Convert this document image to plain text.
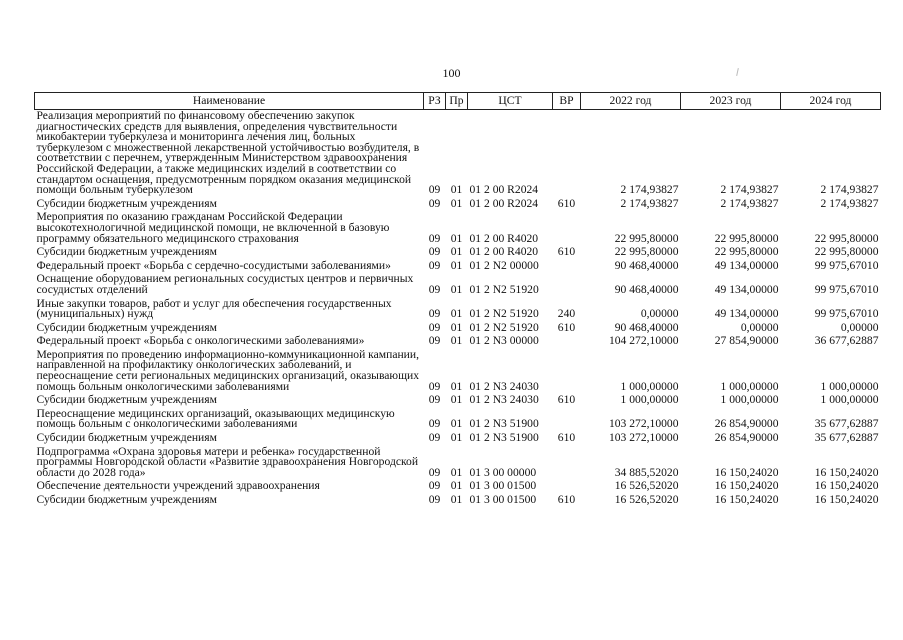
100
Наименование	РЗ	Пр	ЦСТ	ВР	2022 год	2023 год	2024 год
Реализация мероприятий по финансовому обеспечению закупок диагностических средств для выявления, определения чувствительности микобактерии туберкулеза и мониторинга лечения лиц, больных туберкулезом с множественной лекарственной устойчивостью возбудителя, в соответствии с перечнем, утвержденным Министерством здравоохранения Российской Федерации, а также медицинских изделий в соответствии со стандартом оснащения, предусмотренным порядком оказания медицинской помощи больным туберкулезом	09	01	01 2 00 R2024		2 174,93827	2 174,93827	2 174,93827
Субсидии бюджетным учреждениям	09	01	01 2 00 R2024	610	2 174,93827	2 174,93827	2 174,93827
Мероприятия по оказанию гражданам Российской Федерации высокотехнологичной медицинской помощи, не включенной в базовую программу обязательного медицинского страхования	09	01	01 2 00 R4020		22 995,80000	22 995,80000	22 995,80000
Субсидии бюджетным учреждениям	09	01	01 2 00 R4020	610	22 995,80000	22 995,80000	22 995,80000
Федеральный проект «Борьба с сердечно-сосудистыми заболеваниями»	09	01	01 2 N2 00000		90 468,40000	49 134,00000	99 975,67010
Оснащение оборудованием региональных сосудистых центров и первичных сосудистых отделений	09	01	01 2 N2 51920		90 468,40000	49 134,00000	99 975,67010
Иные закупки товаров, работ и услуг для обеспечения государственных (муниципальных) нужд	09	01	01 2 N2 51920	240	0,00000	49 134,00000	99 975,67010
Субсидии бюджетным учреждениям	09	01	01 2 N2 51920	610	90 468,40000	0,00000	0,00000
Федеральный проект «Борьба с онкологическими заболеваниями»	09	01	01 2 N3 00000		104 272,10000	27 854,90000	36 677,62887
Мероприятия по проведению информационно-коммуникационной кампании, направленной на профилактику онкологических заболеваний, и переоснащение сети региональных медицинских организаций, оказывающих помощь больным онкологическими заболеваниями	09	01	01 2 N3 24030		1 000,00000	1 000,00000	1 000,00000
Субсидии бюджетным учреждениям	09	01	01 2 N3 24030	610	1 000,00000	1 000,00000	1 000,00000
Переоснащение медицинских организаций, оказывающих медицинскую помощь больным с онкологическими заболеваниями	09	01	01 2 N3 51900		103 272,10000	26 854,90000	35 677,62887
Субсидии бюджетным учреждениям	09	01	01 2 N3 51900	610	103 272,10000	26 854,90000	35 677,62887
Подпрограмма «Охрана здоровья матери и ребенка» государственной программы Новгородской области «Развитие здравоохранения Новгородской области до 2028 года»	09	01	01 3 00 00000		34 885,52020	16 150,24020	16 150,24020
Обеспечение деятельности учреждений здравоохранения	09	01	01 3 00 01500		16 526,52020	16 150,24020	16 150,24020
Субсидии бюджетным учреждениям	09	01	01 3 00 01500	610	16 526,52020	16 150,24020	16 150,24020
